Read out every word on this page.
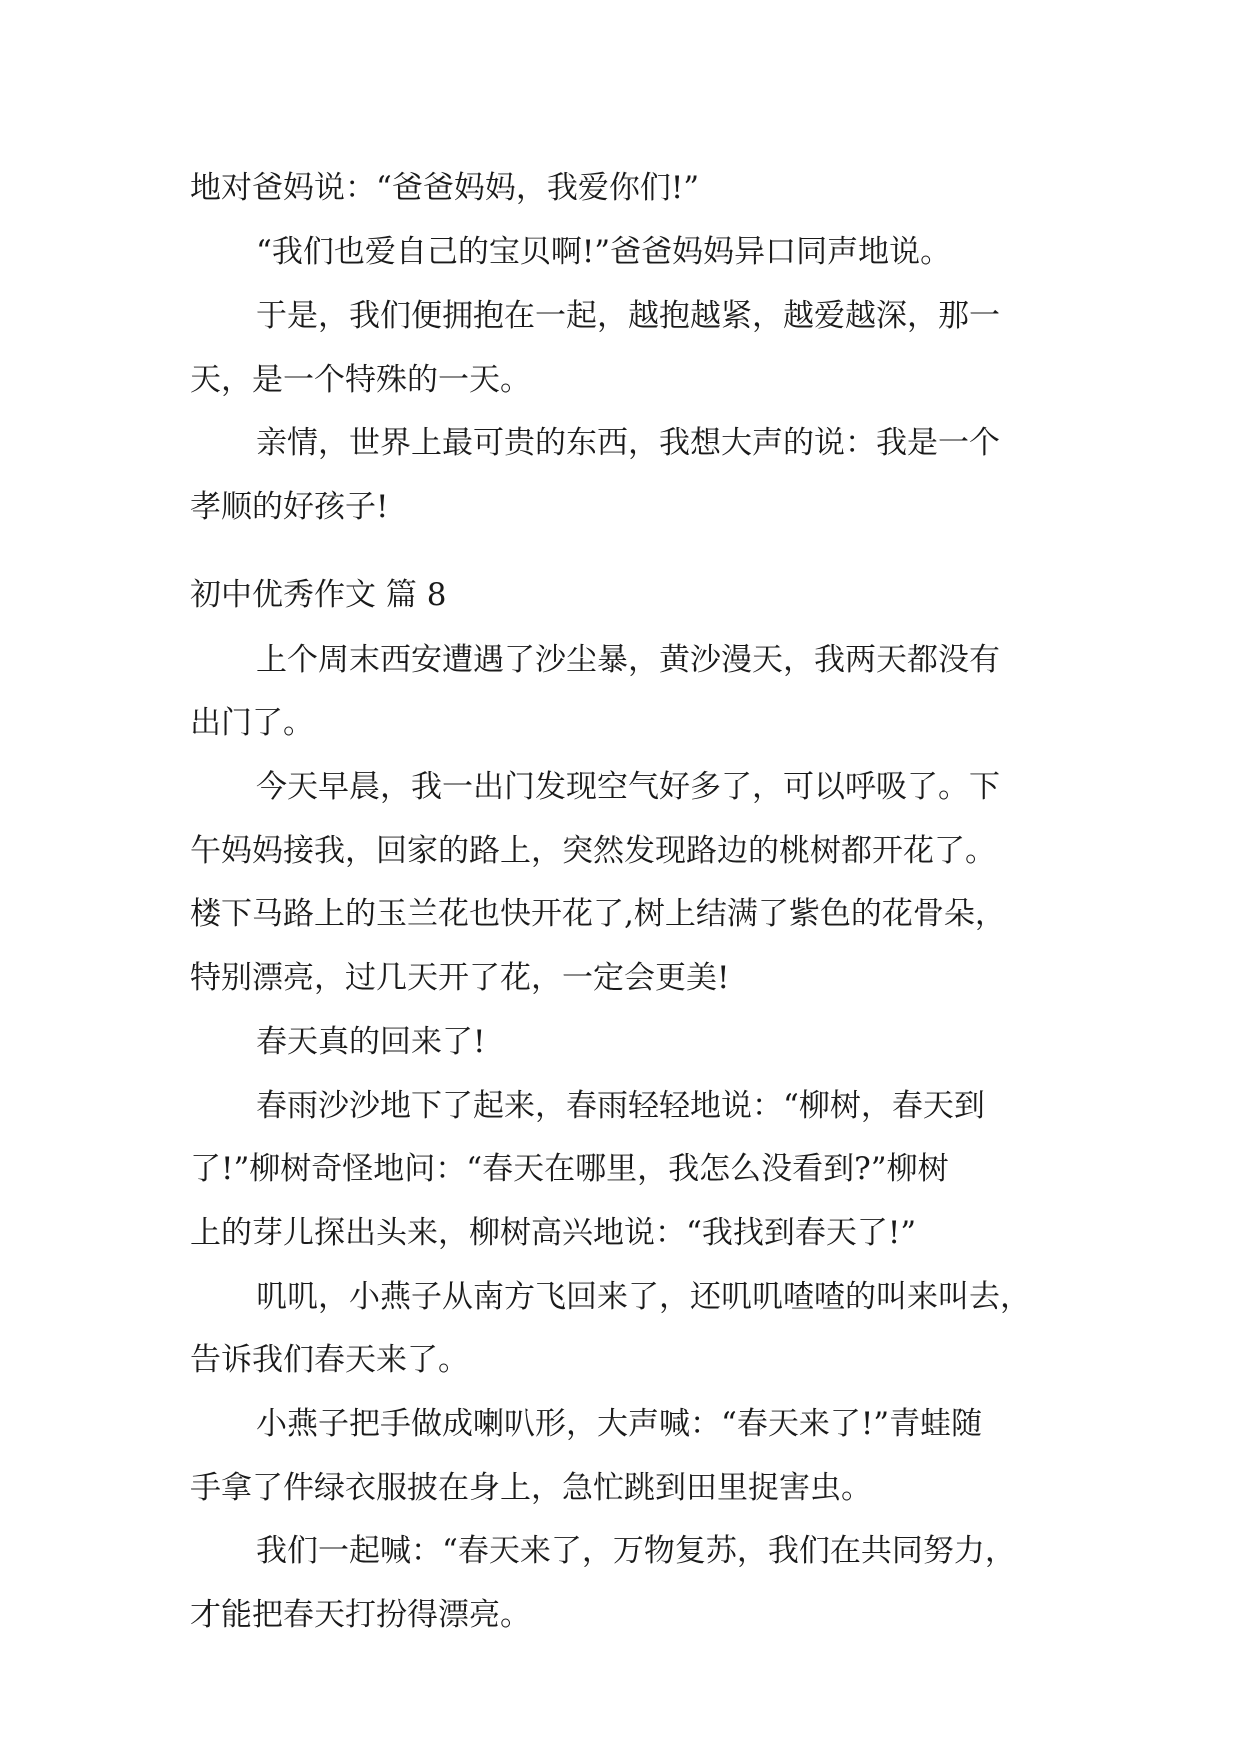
地对爸妈说：“爸爸妈妈，我爱你们!”
“我们也爱自己的宝贝啊!”爸爸妈妈异口同声地说。
于是，我们便拥抱在一起，越抱越紧，越爱越深，那一
天，是一个特殊的一天。
亲情，世界上最可贵的东西，我想大声的说：我是一个
孝顺的好孩子!
初中优秀作文 篇 8
上个周末西安遭遇了沙尘暴，黄沙漫天，我两天都没有
出门了。
今天早晨，我一出门发现空气好多了，可以呼吸了。下
午妈妈接我，回家的路上，突然发现路边的桃树都开花了。
楼下马路上的玉兰花也快开花了,树上结满了紫色的花骨朵，
特别漂亮，过几天开了花，一定会更美!
春天真的回来了!
春雨沙沙地下了起来，春雨轻轻地说：“柳树，春天到
了!”柳树奇怪地问：“春天在哪里，我怎么没看到?”柳树
上的芽儿探出头来，柳树高兴地说：“我找到春天了!”
叽叽，小燕子从南方飞回来了，还叽叽喳喳的叫来叫去，
告诉我们春天来了。
小燕子把手做成喇叭形，大声喊：“春天来了!”青蛙随
手拿了件绿衣服披在身上，急忙跳到田里捉害虫。
我们一起喊：“春天来了，万物复苏，我们在共同努力，
才能把春天打扮得漂亮。
